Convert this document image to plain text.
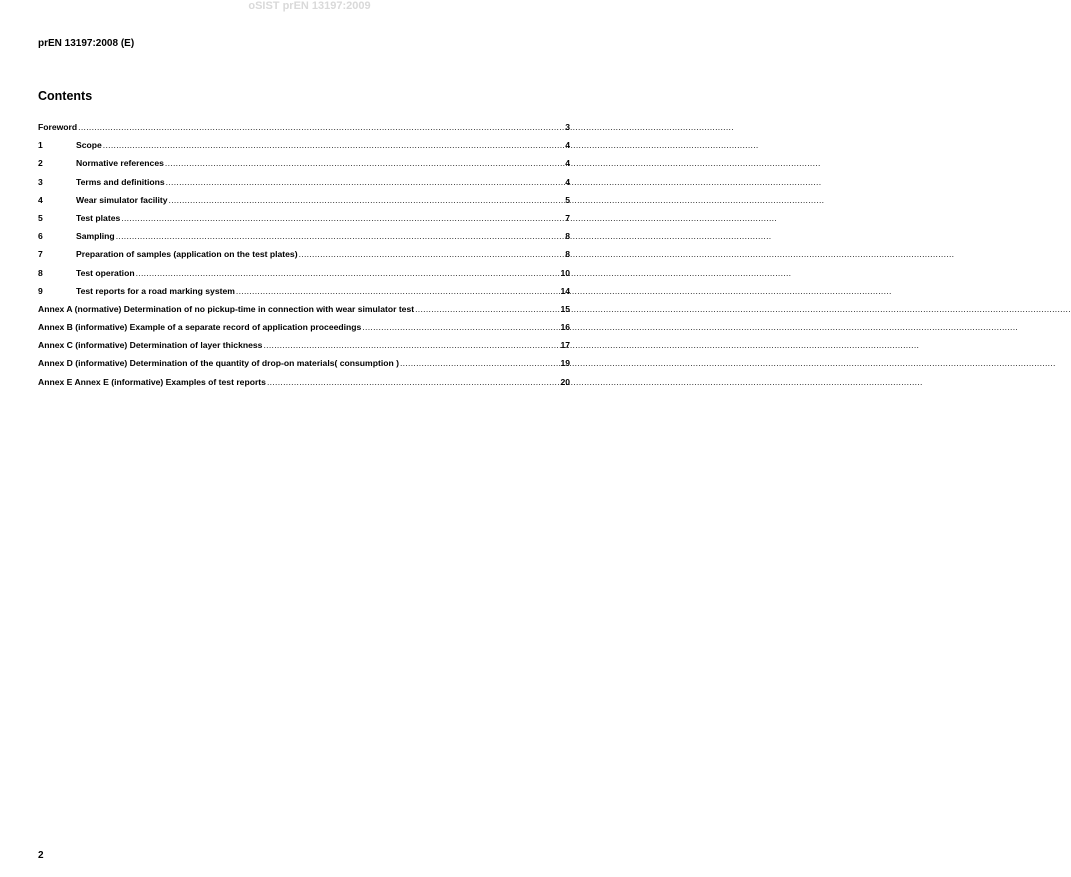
oSIST prEN 13197:2009
prEN 13197:2008 (E)
Contents
Foreword .....	3
1	Scope .....	4
2	Normative references .....	4
3	Terms and definitions .....	4
4	Wear simulator facility .....	5
5	Test plates .....	7
6	Sampling .....	8
7	Preparation of samples (application on the test plates) .....	8
8	Test operation .....	10
9	Test reports for a road marking system .....	14
Annex A (normative) Determination of no pickup-time in connection with wear simulator test .....	15
Annex B (informative) Example of a separate record of application proceedings .....	16
Annex C (informative) Determination of layer thickness .....	17
Annex D (informative) Determination of the quantity of drop-on materials( consumption ) .....	19
Annex E Annex E (informative) Examples of test reports .....	20
2
